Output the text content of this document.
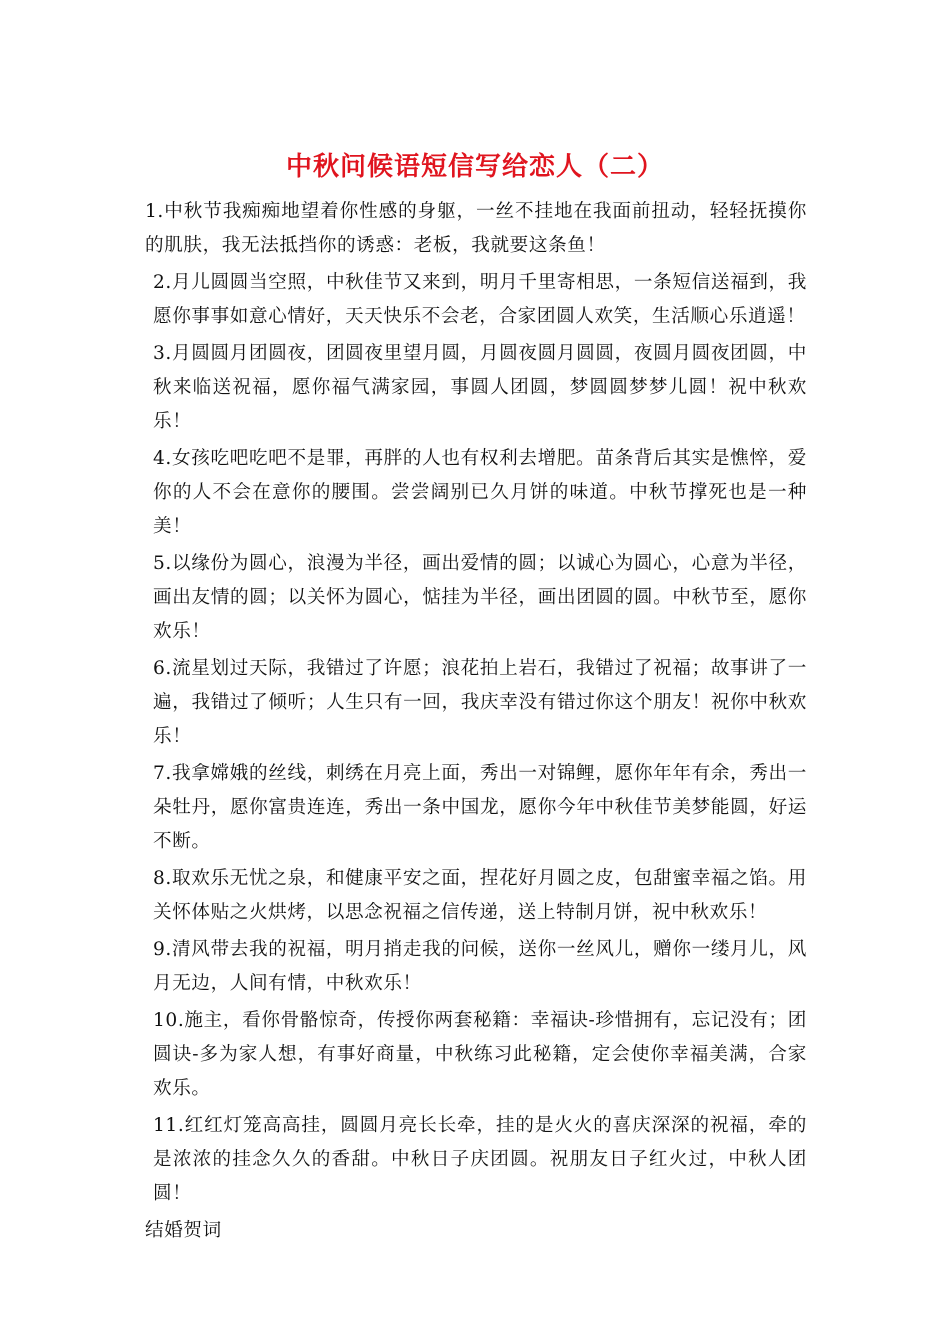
中秋问候语短信写给恋人（二）

1.中秋节我痴痴地望着你性感的身躯，一丝不挂地在我面前扭动，轻轻抚摸你的肌肤，我无法抵挡你的诱惑：老板，我就要这条鱼！

2.月儿圆圆当空照，中秋佳节又来到，明月千里寄相思，一条短信送福到，我愿你事事如意心情好，天天快乐不会老，合家团圆人欢笑，生活顺心乐逍遥！

3.月圆圆月团圆夜，团圆夜里望月圆，月圆夜圆月圆圆，夜圆月圆夜团圆，中秋来临送祝福，愿你福气满家园，事圆人团圆，梦圆圆梦梦儿圆！祝中秋欢乐！

4.女孩吃吧吃吧不是罪，再胖的人也有权利去增肥。苗条背后其实是憔悴，爱你的人不会在意你的腰围。尝尝阔别已久月饼的味道。中秋节撑死也是一种美！

5.以缘份为圆心，浪漫为半径，画出爱情的圆；以诚心为圆心，心意为半径，画出友情的圆；以关怀为圆心，惦挂为半径，画出团圆的圆。中秋节至，愿你欢乐！

6.流星划过天际，我错过了许愿；浪花拍上岩石，我错过了祝福；故事讲了一遍，我错过了倾听；人生只有一回，我庆幸没有错过你这个朋友！祝你中秋欢乐！

7.我拿嫦娥的丝线，刺绣在月亮上面，秀出一对锦鲤，愿你年年有余，秀出一朵牡丹，愿你富贵连连，秀出一条中国龙，愿你今年中秋佳节美梦能圆，好运不断。

8.取欢乐无忧之泉，和健康平安之面，捏花好月圆之皮，包甜蜜幸福之馅。用关怀体贴之火烘烤，以思念祝福之信传递，送上特制月饼，祝中秋欢乐！

9.清风带去我的祝福，明月捎走我的问候，送你一丝风儿，赠你一缕月儿，风月无边，人间有情，中秋欢乐！

10.施主，看你骨骼惊奇，传授你两套秘籍：幸福诀-珍惜拥有，忘记没有；团圆诀-多为家人想，有事好商量，中秋练习此秘籍，定会使你幸福美满，合家欢乐。

11.红红灯笼高高挂，圆圆月亮长长牵，挂的是火火的喜庆深深的祝福，牵的是浓浓的挂念久久的香甜。中秋日子庆团圆。祝朋友日子红火过，中秋人团圆！

结婚贺词
